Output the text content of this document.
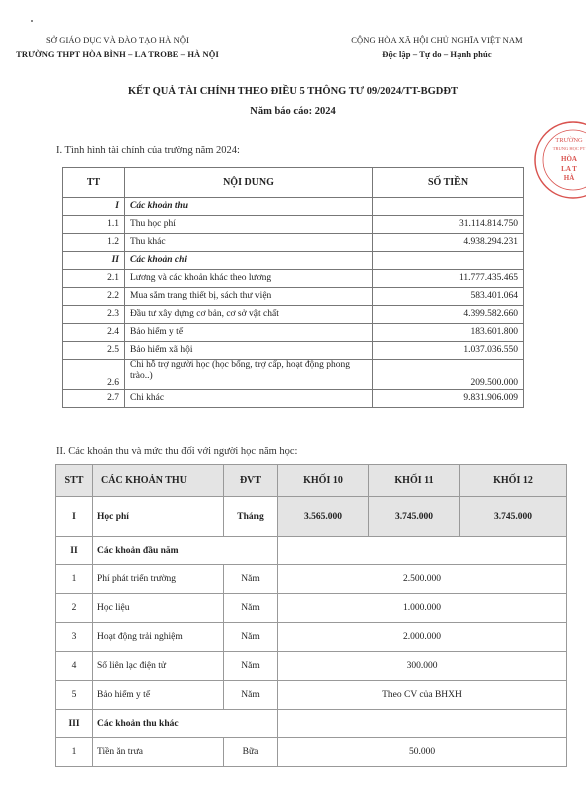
SỞ GIÁO DỤC VÀ ĐÀO TẠO HÀ NỘI
TRƯỜNG THPT HÒA BÌNH – LA TROBE – HÀ NỘI
CỘNG HÒA XÃ HỘI CHỦ NGHĨA VIỆT NAM
Độc lập – Tự do – Hạnh phúc
KẾT QUẢ TÀI CHÍNH THEO ĐIỀU 5 THÔNG TƯ 09/2024/TT-BGDĐT
Năm báo cáo: 2024
TRƯỜNG
TRUNG HỌC PT
HÒA
LA T
HÀ
I. Tình hình tài chính của trường năm 2024:
TT	NỘI DUNG	SỐ TIỀN
I	Các khoản thu	
1.1	Thu học phí	31.114.814.750
1.2	Thu khác	4.938.294.231
II	Các khoản chi	
2.1	Lương và các khoản khác theo lương	11.777.435.465
2.2	Mua sắm trang thiết bị, sách thư viện	583.401.064
2.3	Đầu tư xây dựng cơ bản, cơ sở vật chất	4.399.582.660
2.4	Bảo hiểm y tế	183.601.800
2.5	Bảo hiểm xã hội	1.037.036.550
2.6	Chi hỗ trợ người học (học bổng, trợ cấp, hoạt động phong trào..)	209.500.000
2.7	Chi khác	9.831.906.009
II. Các khoản thu và mức thu đối với người học năm học:
STT	CÁC KHOẢN THU	ĐVT	KHỐI 10	KHỐI 11	KHỐI 12
I	Học phí	Tháng	3.565.000	3.745.000	3.745.000
II	Các khoản đầu năm				
1	Phí phát triển trường	Năm	2.500.000		
2	Học liệu	Năm	1.000.000		
3	Hoạt động trải nghiệm	Năm	2.000.000		
4	Sổ liên lạc điện tử	Năm	300.000		
5	Bảo hiểm y tế	Năm	Theo CV của BHXH		
III	Các khoản thu khác				
1	Tiền ăn trưa	Bữa	50.000		
